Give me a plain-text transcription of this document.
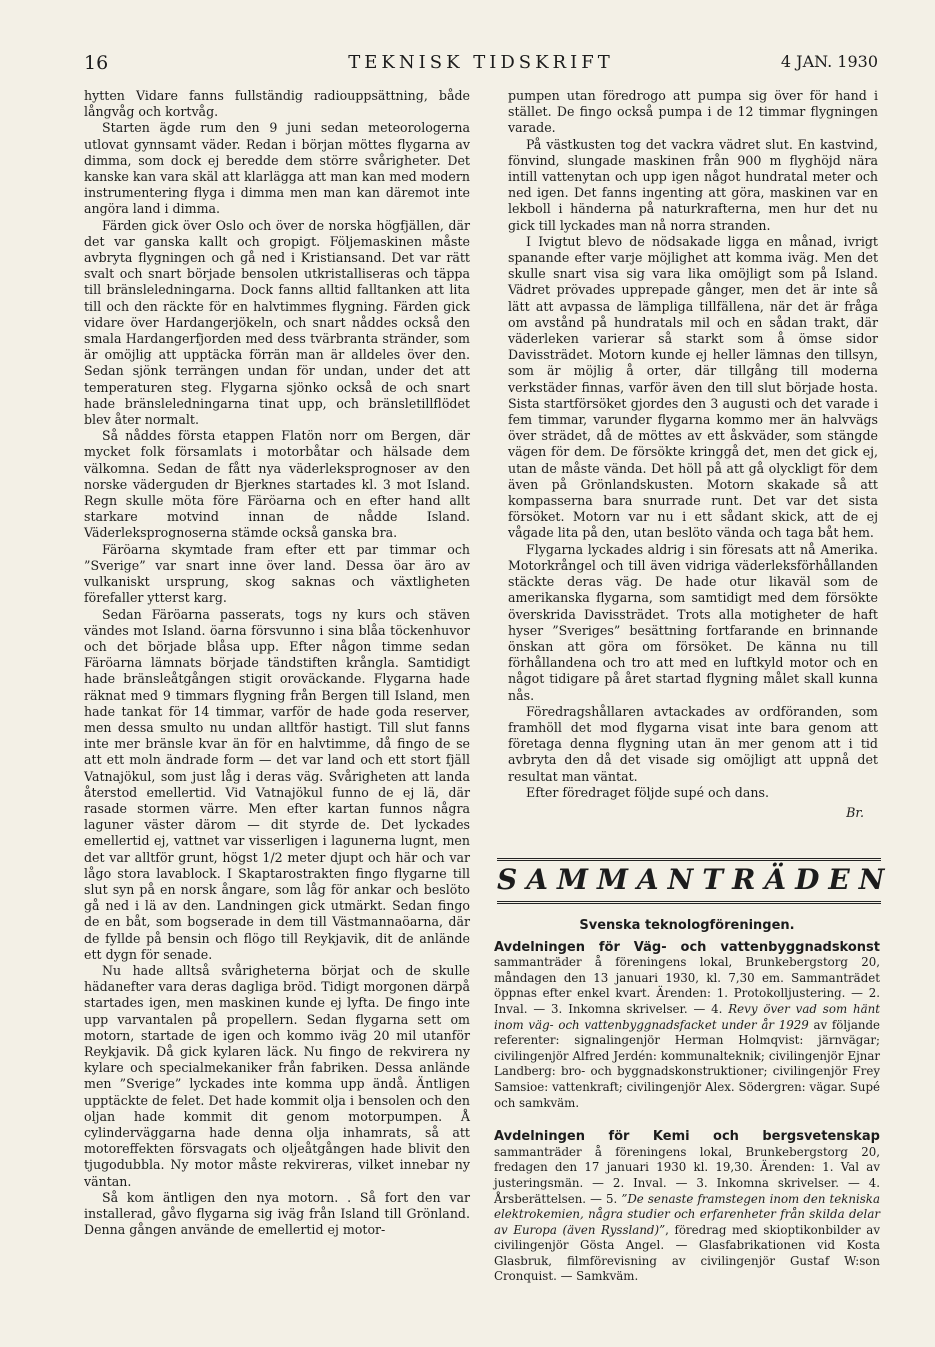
16	TEKNISK TIDSKRIFT	4 JAN. 1930

hytten Vidare fanns fullständig radiouppsättning, både långvåg och kortvåg.

Starten ägde rum den 9 juni sedan meteorologerna utlovat gynnsamt väder. Redan i början möttes flygarna av dimma, som dock ej beredde dem större svårigheter. Det kanske kan vara skäl att klarlägga att man kan med modern instrumentering flyga i dimma men man kan däremot inte angöra land i dimma.

Färden gick över Oslo och över de norska högfjällen, där det var ganska kallt och gropigt. Följemaskinen måste avbryta flygningen och gå ned i Kristiansand. Det var rätt svalt och snart började bensolen utkristalliseras och täppa till bränsleledningarna. Dock fanns alltid falltanken att lita till och den räckte för en halvtimmes flygning. Färden gick vidare över Hardangerjökeln, och snart nåddes också den smala Hardangerfjorden med dess tvärbranta stränder, som är omöjlig att upptäcka förrän man är alldeles över den. Sedan sjönk terrängen undan för undan, under det att temperaturen steg. Flygarna sjönko också de och snart hade bränsleledningarna tinat upp, och bränsletillflödet blev åter normalt.

Så nåddes första etappen Flatön norr om Bergen, där mycket folk församlats i motorbåtar och hälsade dem välkomna. Sedan de fått nya väderleksprognoser av den norske väderguden dr Bjerknes startades kl. 3 mot Island. Regn skulle möta före Färöarna och en efter hand allt starkare motvind innan de nådde Island. Väderleksprognoserna stämde också ganska bra.

Färöarna skymtade fram efter ett par timmar och ”Sverige” var snart inne över land. Dessa öar äro av vulkaniskt ursprung, skog saknas och växtligheten förefaller ytterst karg.

Sedan Färöarna passerats, togs ny kurs och stäven vändes mot Island. öarna försvunno i sina blåa töckenhuvor och det började blåsa upp. Efter någon timme sedan Färöarna lämnats började tändstiften krångla. Samtidigt hade bränsleåtgången stigit oroväckande. Flygarna hade räknat med 9 timmars flygning från Bergen till Island, men hade tankat för 14 timmar, varför de hade goda reserver, men dessa smulto nu undan alltför hastigt. Till slut fanns inte mer bränsle kvar än för en halvtimme, då fingo de se att ett moln ändrade form — det var land och ett stort fjäll Vatnajökul, som just låg i deras väg. Svårigheten att landa återstod emellertid. Vid Vatnajökul funno de ej lä, där rasade stormen värre. Men efter kartan funnos några laguner väster därom — dit styrde de. Det lyckades emellertid ej, vattnet var visserligen i lagunerna lugnt, men det var alltför grunt, högst 1/2 meter djupt och här och var lågo stora lavablock. I Skaptarostrakten fingo flygarne till slut syn på en norsk ångare, som låg för ankar och beslöto gå ned i lä av den. Landningen gick utmärkt. Sedan fingo de en båt, som bogserade in dem till Västmannaöarna, där de fyllde på bensin och flögo till Reykjavik, dit de anlände ett dygn för senade.

Nu hade alltså svårigheterna börjat och de skulle hädanefter vara deras dagliga bröd. Tidigt morgonen därpå startades igen, men maskinen kunde ej lyfta. De fingo inte upp varvantalen på propellern. Sedan flygarna sett om motorn, startade de igen och kommo iväg 20 mil utanför Reykjavik. Då gick kylaren läck. Nu fingo de rekvirera ny kylare och specialmekaniker från fabriken. Dessa anlände men ”Sverige” lyckades inte komma upp ändå. Äntligen upptäckte de felet. Det hade kommit olja i bensolen och den oljan hade kommit dit genom motorpumpen. Å cylinderväggarna hade denna olja inhamrats, så att motoreffekten försvagats och oljeåtgången hade blivit den tjugodubbla. Ny motor måste rekvireras, vilket innebar ny väntan.

Så kom äntligen den nya motorn. . Så fort den var installerad, gåvo flygarna sig iväg från Island till Grönland. Denna gången använde de emellertid ej motor-

pumpen utan föredrogo att pumpa sig över för hand i stället. De fingo också pumpa i de 12 timmar flygningen varade.

På västkusten tog det vackra vädret slut. En kastvind, fönvind, slungade maskinen från 900 m flyghöjd nära intill vattenytan och upp igen något hundratal meter och ned igen. Det fanns ingenting att göra, maskinen var en lekboll i händerna på naturkrafterna, men hur det nu gick till lyckades man nå norra stranden.

I Ivigtut blevo de nödsakade ligga en månad, ivrigt spanande efter varje möjlighet att komma iväg. Men det skulle snart visa sig vara lika omöjligt som på Island. Vädret prövades upprepade gånger, men det är inte så lätt att avpassa de lämpliga tillfällena, när det är fråga om avstånd på hundratals mil och en sådan trakt, där väderleken varierar så starkt som å ömse sidor Davissträdet. Motorn kunde ej heller lämnas den tillsyn, som är möjlig å orter, där tillgång till moderna verkstäder finnas, varför även den till slut började hosta. Sista startförsöket gjordes den 3 augusti och det varade i fem timmar, varunder flygarna kommo mer än halvvägs över strädet, då de möttes av ett åskväder, som stängde vägen för dem. De försökte kringgå det, men det gick ej, utan de måste vända. Det höll på att gå olyckligt för dem även på Grönlandskusten. Motorn skakade så att kompasserna bara snurrade runt. Det var det sista försöket. Motorn var nu i ett sådant skick, att de ej vågade lita på den, utan beslöto vända och taga båt hem.

Flygarna lyckades aldrig i sin föresats att nå Amerika. Motorkrångel och till även vidriga väderleksförhållanden stäckte deras väg. De hade otur likaväl som de amerikanska flygarna, som samtidigt med dem försökte överskrida Davissträdet. Trots alla motigheter de haft hyser ”Sveriges” besättning fortfarande en brinnande önskan att göra om försöket. De känna nu till förhållandena och tro att med en luftkyld motor och en något tidigare på året startad flygning målet skall kunna nås.

Föredragshållaren avtackades av ordföranden, som framhöll det mod flygarna visat inte bara genom att företaga denna flygning utan än mer genom att i tid avbryta den då det visade sig omöjligt att uppnå det resultat man väntat.

Efter föredraget följde supé och dans.

Br.

SAMMANTRÄDEN

Svenska teknologföreningen.

Avdelningen för Väg- och vattenbyggnadskonst sammanträder å föreningens lokal, Brunkebergstorg 20, måndagen den 13 januari 1930, kl. 7,30 em. Sammanträdet öppnas efter enkel kvart. Ärenden: 1. Protokolljustering. — 2. Inval. — 3. Inkomna skrivelser. — 4. Revy över vad som hänt inom väg- och vattenbyggnadsfacket under år 1929 av följande referenter: signalingenjör Herman Holmqvist: järnvägar; civilingenjör Alfred Jerdén: kommunalteknik; civilingenjör Ejnar Landberg: bro- och byggnadskonstruktioner; civilingenjör Frey Samsioe: vattenkraft; civilingenjör Alex. Södergren: vägar. Supé och samkväm.

Avdelningen för Kemi och bergsvetenskap sammanträder å föreningens lokal, Brunkebergstorg 20, fredagen den 17 januari 1930 kl. 19,30. Ärenden: 1. Val av justeringsmän. — 2. Inval. — 3. Inkomna skrivelser. — 4. Årsberättelsen. — 5. ”De senaste framstegen inom den tekniska elektrokemien, några studier och erfarenheter från skilda delar av Europa (även Ryssland)”, föredrag med skioptikonbilder av civilingenjör Gösta Angel. — Glasfabrikationen vid Kosta Glasbruk, filmförevisning av civilingenjör Gustaf W:son Cronquist. — Samkväm.
